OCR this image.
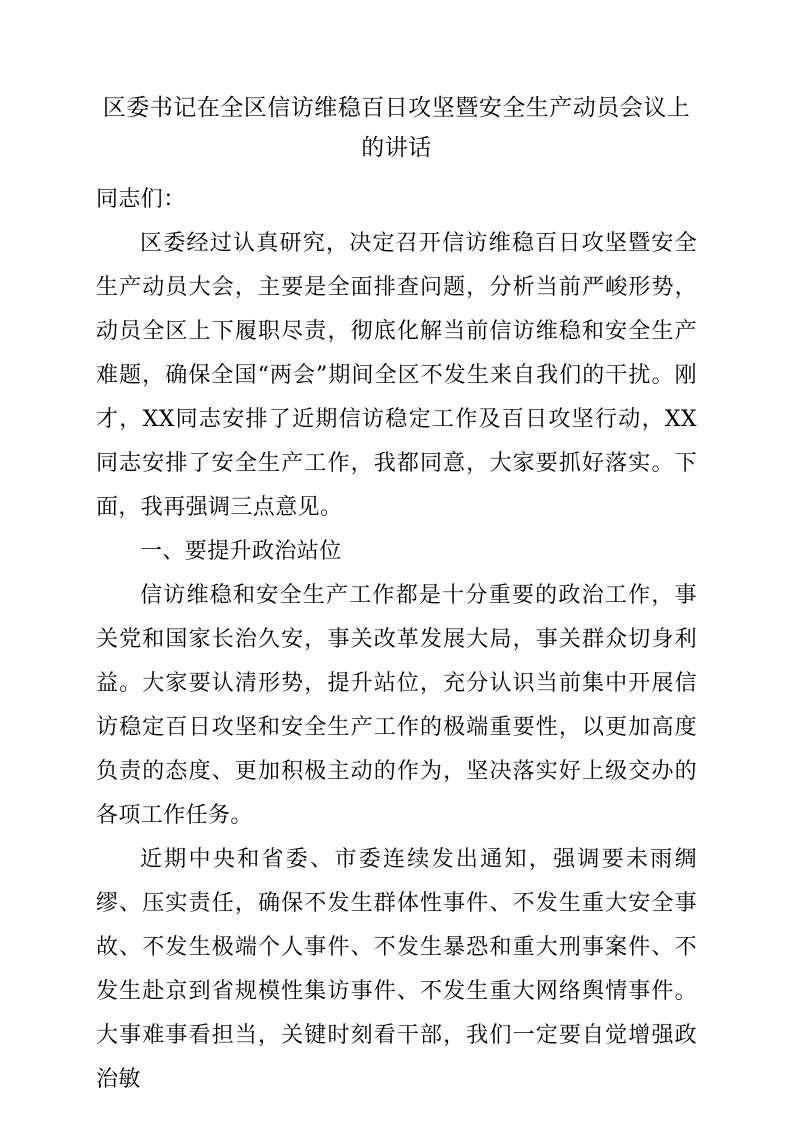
区委书记在全区信访维稳百日攻坚暨安全生产动员会议上的讲话

同志们：

区委经过认真研究，决定召开信访维稳百日攻坚暨安全生产动员大会，主要是全面排查问题，分析当前严峻形势，动员全区上下履职尽责，彻底化解当前信访维稳和安全生产难题，确保全国“两会”期间全区不发生来自我们的干扰。刚才，XX同志安排了近期信访稳定工作及百日攻坚行动，XX同志安排了安全生产工作，我都同意，大家要抓好落实。下面，我再强调三点意见。

一、要提升政治站位

信访维稳和安全生产工作都是十分重要的政治工作，事关党和国家长治久安，事关改革发展大局，事关群众切身利益。大家要认清形势，提升站位，充分认识当前集中开展信访稳定百日攻坚和安全生产工作的极端重要性，以更加高度负责的态度、更加积极主动的作为，坚决落实好上级交办的各项工作任务。

近期中央和省委、市委连续发出通知，强调要未雨绸缪、压实责任，确保不发生群体性事件、不发生重大安全事故、不发生极端个人事件、不发生暴恐和重大刑事案件、不发生赴京到省规模性集访事件、不发生重大网络舆情事件。大事难事看担当，关键时刻看干部，我们一定要自觉增强政治敏
